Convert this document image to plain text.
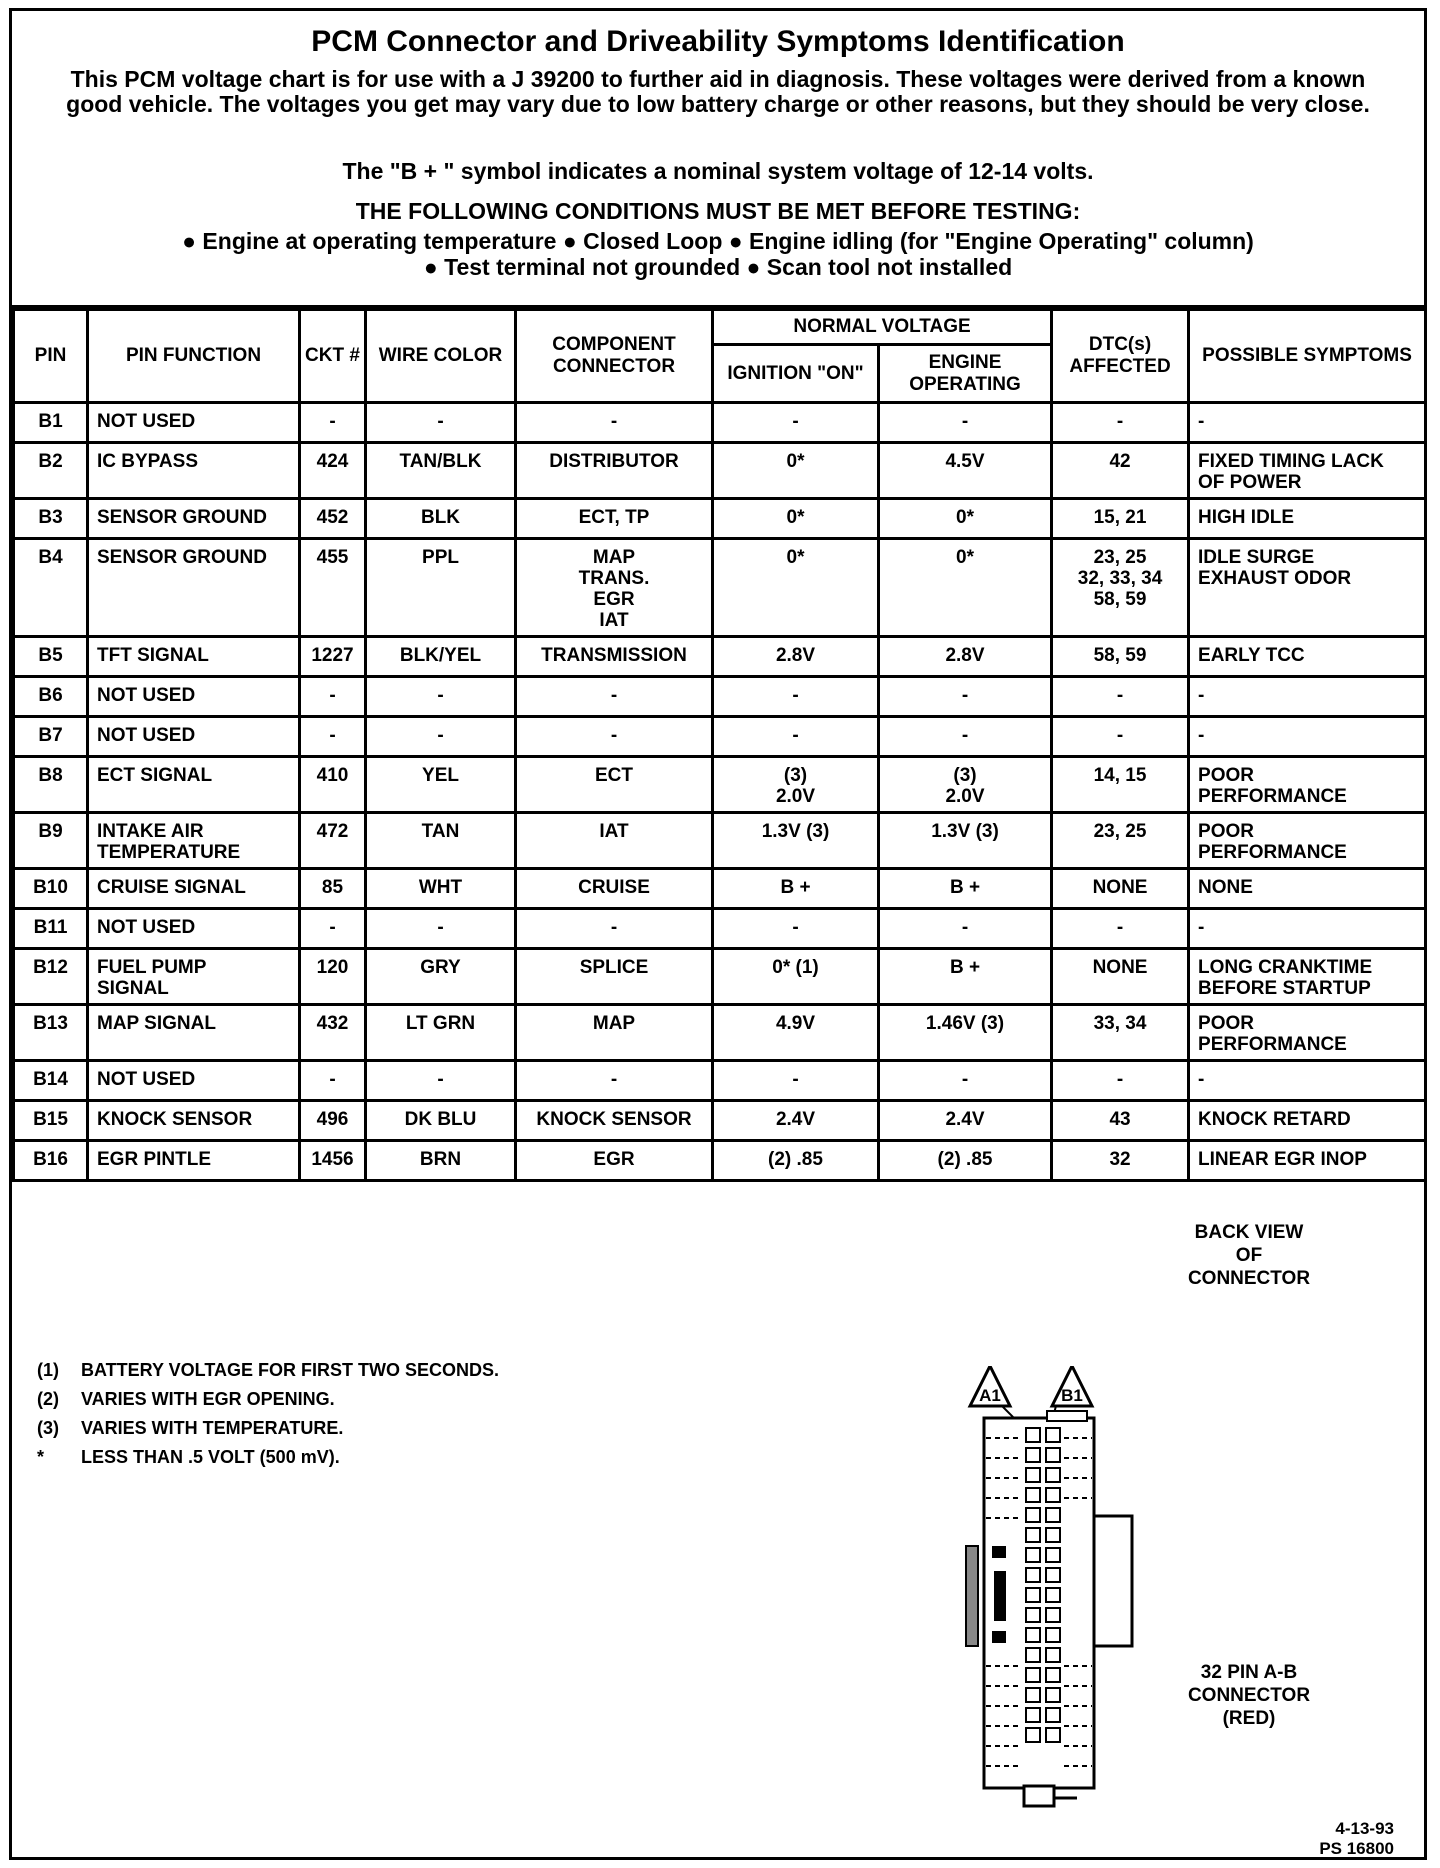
PCM Connector and Driveability Symptoms Identification
This PCM voltage chart is for use with a J 39200 to further aid in diagnosis. These voltages were derived from a known good vehicle. The voltages you get may vary due to low battery charge or other reasons, but they should be very close.
The "B + " symbol indicates a nominal system voltage of 12-14 volts.
THE FOLLOWING CONDITIONS MUST BE MET BEFORE TESTING:
● Engine at operating temperature ● Closed Loop ● Engine idling (for "Engine Operating" column)
● Test terminal not grounded ● Scan tool not installed
PIN	PIN FUNCTION	CKT #	WIRE COLOR	COMPONENT CONNECTOR	NORMAL VOLTAGE		DTC(s) AFFECTED	POSSIBLE SYMPTOMS
					IGNITION "ON"	ENGINE OPERATING		
B1	NOT USED	-	-	-	-	-	-	-
B2	IC BYPASS	424	TAN/BLK	DISTRIBUTOR	0*	4.5V	42	FIXED TIMING LACK
OF POWER
B3	SENSOR GROUND	452	BLK	ECT, TP	0*	0*	15, 21	HIGH IDLE
B4	SENSOR GROUND	455	PPL	MAP
TRANS.
EGR
IAT	0*	0*	23, 25
32, 33, 34
58, 59	IDLE SURGE
EXHAUST ODOR
B5	TFT SIGNAL	1227	BLK/YEL	TRANSMISSION	2.8V	2.8V	58, 59	EARLY TCC
B6	NOT USED	-	-	-	-	-	-	-
B7	NOT USED	-	-	-	-	-	-	-
B8	ECT SIGNAL	410	YEL	ECT	(3)
2.0V	(3)
2.0V	14, 15	POOR
PERFORMANCE
B9	INTAKE AIR
TEMPERATURE	472	TAN	IAT	1.3V (3)	1.3V (3)	23, 25	POOR
PERFORMANCE
B10	CRUISE SIGNAL	85	WHT	CRUISE	B +	B +	NONE	NONE
B11	NOT USED	-	-	-	-	-	-	-
B12	FUEL PUMP
SIGNAL	120	GRY	SPLICE	0* (1)	B +	NONE	LONG CRANKTIME
BEFORE STARTUP
B13	MAP SIGNAL	432	LT GRN	MAP	4.9V	1.46V (3)	33, 34	POOR
PERFORMANCE
B14	NOT USED	-	-	-	-	-	-	-
B15	KNOCK SENSOR	496	DK BLU	KNOCK SENSOR	2.4V	2.4V	43	KNOCK RETARD
B16	EGR PINTLE	1456	BRN	EGR	(2) .85	(2) .85	32	LINEAR EGR INOP
(1)	BATTERY VOLTAGE FOR FIRST TWO SECONDS.
(2)	VARIES WITH EGR OPENING.
(3)	VARIES WITH TEMPERATURE.
*	LESS THAN .5 VOLT (500 mV).
A1	B1
BACK VIEW
OF
CONNECTOR
32 PIN A-B
CONNECTOR
(RED)
4-13-93
PS 16800
